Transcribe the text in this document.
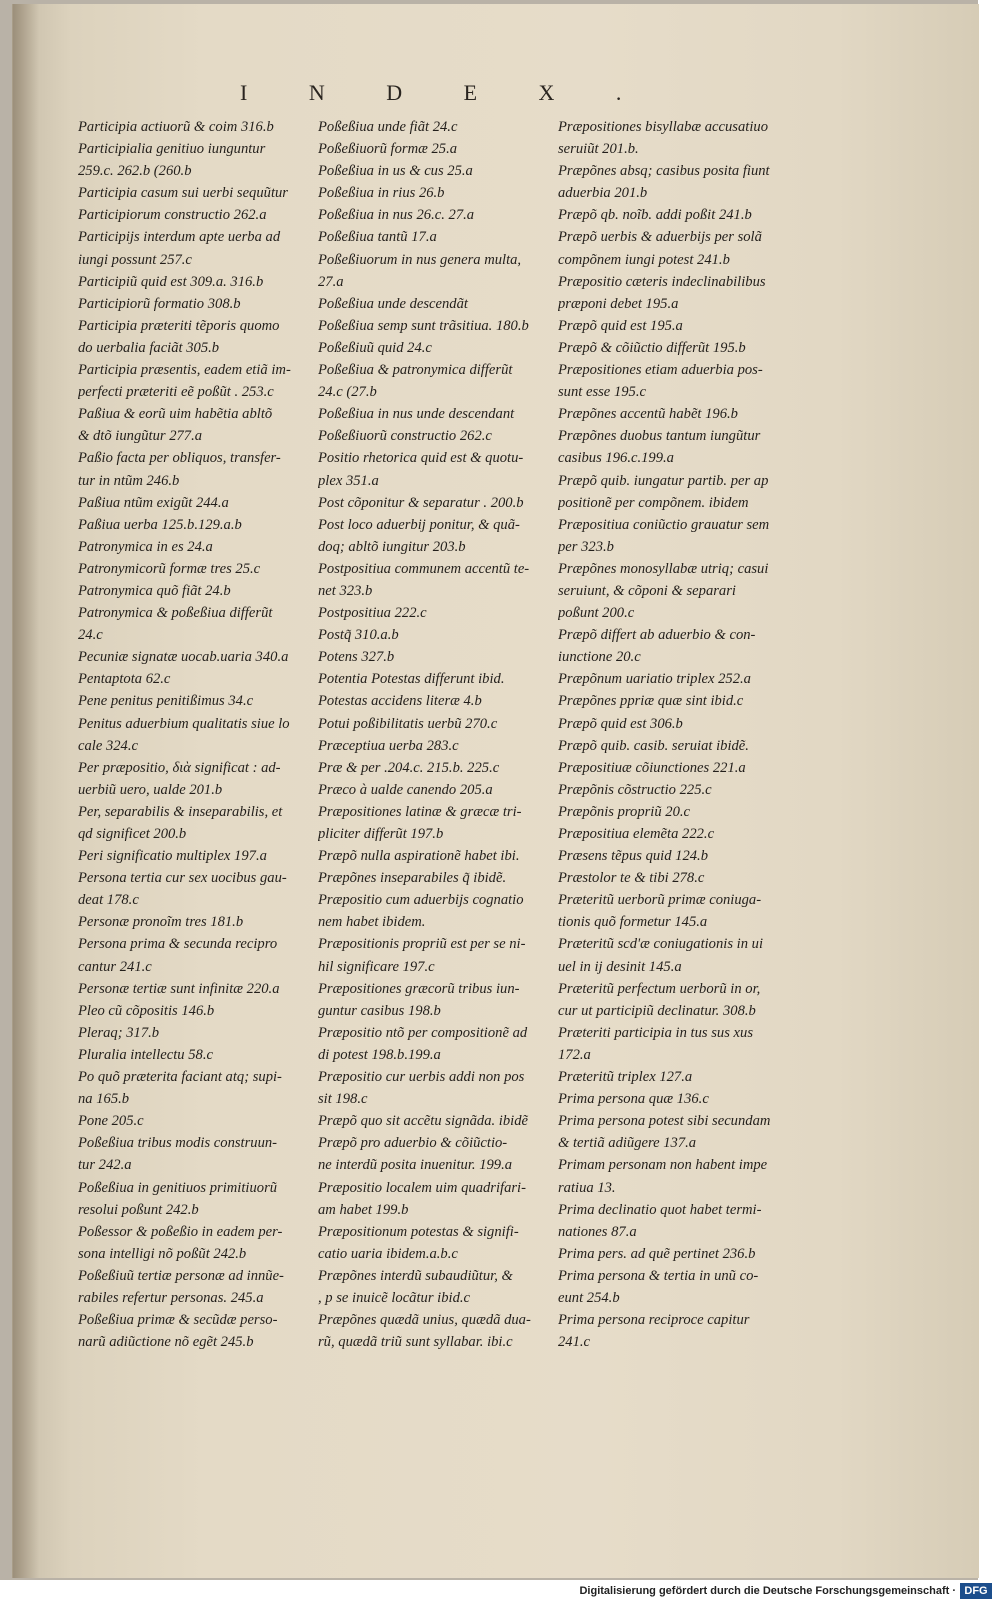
I N D E X .
Participia actiuorũ & coim 316.b
Participialia genitiuo iunguntur
259.c. 262.b (260.b
Participia casum sui uerbi sequũtur
Participiorum constructio 262.a
Participijs interdum apte uerba ad
iungi possunt 257.c
Participiũ quid est 309.a. 316.b
Participiorũ formatio 308.b
Participia præteriti tẽporis quomo
do uerbalia faciãt 305.b
Participia præsentis, eadem etiã im-
perfecti præteriti eẽ poßũt . 253.c
Paßiua & eorũ uim habẽtia abltõ
& dtõ iungũtur 277.a
Paßio facta per obliquos, transfer-
tur in ntũm 246.b
Paßiua ntũm exigũt 244.a
Paßiua uerba 125.b.129.a.b
Patronymica in es 24.a
Patronymicorũ formæ tres 25.c
Patronymica quõ fiãt 24.b
Patronymica & poßeßiua differũt
24.c
Pecuniæ signatæ uocab.uaria 340.a
Pentaptota 62.c
Pene penitus penitißimus 34.c
Penitus aduerbium qualitatis siue lo
cale 324.c
Per præpositio, διὰ significat : ad-
uerbiũ uero, ualde 201.b
Per, separabilis & inseparabilis, et
qd significet 200.b
Peri significatio multiplex 197.a
Persona tertia cur sex uocibus gau-
deat 178.c
Personæ pronoĩm tres 181.b
Persona prima & secunda recipro
cantur 241.c
Personæ tertiæ sunt infinitæ 220.a
Pleo cũ cõpositis 146.b
Pleraq; 317.b
Pluralia intellectu 58.c
Po quõ præterita faciant atq; supi-
na 165.b
Pone 205.c
Poßeßiua tribus modis construun-
tur 242.a
Poßeßiua in genitiuos primitiuorũ
resolui poßunt 242.b
Poßessor & poßeßio in eadem per-
sona intelligi nõ poßũt 242.b
Poßeßiuũ tertiæ personæ ad innũe-
rabiles refertur personas. 245.a
Poßeßiua primæ & secũdæ perso-
narũ adiũctione nõ egẽt 245.b
Poßeßiua unde fiãt 24.c
Poßeßiuorũ formæ 25.a
Poßeßiua in us & cus 25.a
Poßeßiua in rius 26.b
Poßeßiua in nus 26.c. 27.a
Poßeßiua tantũ 17.a
Poßeßiuorum in nus genera multa,
27.a
Poßeßiua unde descendãt
Poßeßiua semp sunt trãsitiua. 180.b
Poßeßiuũ quid 24.c
Poßeßiua & patronymica differũt
24.c (27.b
Poßeßiua in nus unde descendant
Poßeßiuorũ constructio 262.c
Positio rhetorica quid est & quotu-
plex 351.a
Post cõponitur & separatur . 200.b
Post loco aduerbij ponitur, & quã-
doq; abltõ iungitur 203.b
Postpositiua communem accentũ te-
net 323.b
Postpositiua 222.c
Postq̃ 310.a.b
Potens 327.b
Potentia Potestas differunt ibid.
Potestas accidens literæ 4.b
Potui poßibilitatis uerbũ 270.c
Præceptiua uerba 283.c
Præ & per .204.c. 215.b. 225.c
Præco à ualde canendo 205.a
Præpositiones latinæ & græcæ tri-
pliciter differũt 197.b
Præpõ nulla aspirationẽ habet ibi.
Præpõnes inseparabiles q̃ ibidẽ.
Præpositio cum aduerbijs cognatio
nem habet ibidem.
Præpositionis propriũ est per se ni-
hil significare 197.c
Præpositiones græcorũ tribus iun-
guntur casibus 198.b
Præpositio ntõ per compositionẽ ad
di potest 198.b.199.a
Præpositio cur uerbis addi non pos
sit 198.c
Præpõ quo sit accẽtu signãda. ibidẽ
Præpõ pro aduerbio & cõiũctio-
ne interdũ posita inuenitur. 199.a
Præpositio localem uim quadrifari-
am habet 199.b
Præpositionum potestas & signifi-
catio uaria ibidem.a.b.c
Præpõnes interdũ subaudiũtur, &
, p se inuicẽ locãtur ibid.c
Præpõnes quædã unius, quædã dua-
rũ, quædã triũ sunt syllabar. ibi.c
Præpositiones bisyllabæ accusatiuo
seruiũt 201.b.
Præpõnes absq; casibus posita fiunt
aduerbia 201.b
Præpõ qb. noĩb. addi poßit 241.b
Præpõ uerbis & aduerbijs per solã
compõnem iungi potest 241.b
Præpositio cæteris indeclinabilibus
præponi debet 195.a
Præpõ quid est 195.a
Præpõ & cõiũctio differũt 195.b
Præpositiones etiam aduerbia pos-
sunt esse 195.c
Præpõnes accentũ habẽt 196.b
Præpõnes duobus tantum iungũtur
casibus 196.c.199.a
Præpõ quib. iungatur partib. per ap
positionẽ per compõnem. ibidem
Præpositiua coniũctio grauatur sem
per 323.b
Præpõnes monosyllabæ utriq; casui
seruiunt, & cõponi & separari
poßunt 200.c
Præpõ differt ab aduerbio & con-
iunctione 20.c
Præpõnum uariatio triplex 252.a
Præpõnes ppriæ quæ sint ibid.c
Præpõ quid est 306.b
Præpõ quib. casib. seruiat ibidẽ.
Præpositiuæ cõiunctiones 221.a
Præpõnis cõstructio 225.c
Præpõnis propriũ 20.c
Præpositiua elemẽta 222.c
Præsens tẽpus quid 124.b
Præstolor te & tibi 278.c
Præteritũ uerborũ primæ coniuga-
tionis quõ formetur 145.a
Præteritũ scd'æ coniugationis in ui
uel in ij desinit 145.a
Præteritũ perfectum uerborũ in or,
cur ut participiũ declinatur. 308.b
Præteriti participia in tus sus xus
172.a
Præteritũ triplex 127.a
Prima persona quæ 136.c
Prima persona potest sibi secundam
& tertiã adiũgere 137.a
Primam personam non habent impe
ratiua 13.
Prima declinatio quot habet termi-
nationes 87.a
Prima pers. ad quẽ pertinet 236.b
Prima persona & tertia in unũ co-
eunt 254.b
Prima persona reciproce capitur
241.c
Digitalisierung gefördert durch die Deutsche Forschungsgemeinschaft · DFG
